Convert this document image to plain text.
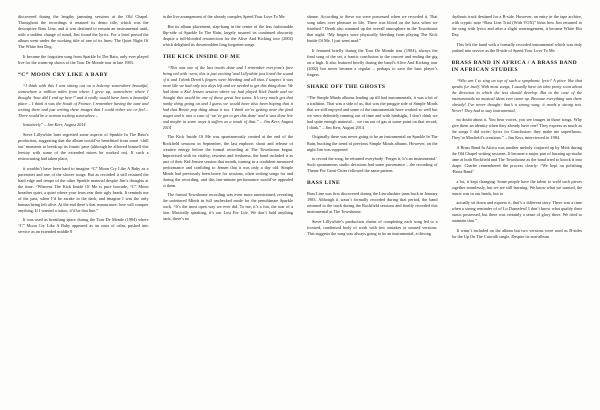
discovered during the lengthy jamming sessions at the Old Chapel. Throughout the recordings it retained its demo title, which was the descriptive Bass Line, and it was destined to remain an instrumental until, with a sudden change of mind, Jim found the lyrics. For a brief period the album went under the working title of one of its lines: The Quiet Night Of The White Sea Dog.

It became the forgotten song from Sparkle In The Rain, only ever played live for the warm-up shows of the Tour De Monde tour in late 1983.

“C” MOON CRY LIKE A BABY

“I think with this I was sitting out on a balcony somewhere beautiful, somewhere a million miles from where I grew up, somewhere where I thought ‘how did I end up here?’ and it really would have been a beautiful place – I think it was the South of France. I remember having the tune and writing there and just writing these images that I could either see or feel… There would be a woman rocking somewhere –

lentatively” – Jim Kerr, August 2014

Steve Lillywhite later regretted some aspects of Sparkle In The Rain’s production, suggesting that the album would’ve benefitted from some ‘chill out’ moments to break up its frantic pace (although he allowed himself this leeway with some of the extended mixes he worked on). If such a restructuring had taken place,

it wouldn’t have been hard to imagine “C” Moon Cry Like A Baby as a pacesetter and one of the slower songs. But as recorded it still retained the hard edge and tempo of the other Sparkle material despite Jim’s thoughts at the time. “Whereas The Kick Inside Of Me is pure brocade, “C” Moon breathes quiet, a quiet where your fears rear their ugly heads. It reminds me of the past, when I’d be awake in the dark, and imagine I was the only human being left alive. At the end there’s that reassurance: love will conquer anything. If I wanted a tattoo, it’d be that line.”

It was used as breathing space during the Tour De Monde (1984) where “C” Moon Cry Like A Baby appeared as an oasis of calm, pushed into service as an extended middle 8

in the live arrangement of the already complex Speed Your Love To Me.

But its album placement, slap-bang in the centre of the less fashionable flip-side of Sparkle In The Rain, largely assured its continued obscurity despite a full-blooded resurrection for the Alive And Kicking tour (2002) which delighted its downtrodden long forgotten songs.

THE KICK INSIDE OF ME

“This was one of the last tracks done and I remember everyone’s face being red with ‘wow, this is just exciting’ and Lillywhite just loved the sound of it and I think Derek’s fingers were bleeding and all that. I suspect it was more like we had only two days left and we needed to get this thing done. We had done a Kid Jensen session where we had played Kick Inside and we thought this would be one of those great live tunes. It’s very much got that punky thing going on and I guess we would have also been hoping that it had that Bowie pop thing about it too. I think we’re getting near the final stages and it was a case of ‘we’ve got to get this done’ and it was done live and maybe in some ways it suffers as a result of that.” – Jim Kerr, August 2014

The Kick Inside Of Me was spontaneously created at the end of the Rockfield sessions in September, the last euphoric shout and release of creative energy before the formal recording at The Townhouse began. Improvised with its vitality, rawness and freshness, the band included it as part of their Kid Jensen session that month, turning in a confident measured performance and confiding to Jensen that it was only a day old. Simple Minds had previously been brave for sessions, often writing songs for and during the recording, and this last-minute performance would’ve appealed to them.

The formal Townhouse recording was even more unrestrained, revealing the unfettered Minds in full unchecked mode for the penultimate Sparkle track. “It’s the most open way we ever did. To me, it’s a fun, the roar of a lion. Musically speaking, it’s our Lust For Life. We don’t hold anything back, there’s no

shame. According to Steve we were possessed when we recorded it. That song takes over pleasure in life. There was blood on the bass when we finished.” Derek also summed up the overall atmosphere in the Townhouse that night: “My fingers were physically bleeding from playing The Kick Inside Of Me. I just went mad.”

It featured briefly during the Tour De Monde tour (1984), always the final song of the set, a frantic conclusion to the concert and ending the gig on a high. It also featured briefly during the band’s Alive And Kicking tour (2002) but never became a regular – perhaps to save the bass player’s fingers.

SHAKE OFF THE GHOSTS

“The Simple Minds albums leading up till had instrumentals, it was a bit of a tradition. That was a side of us, that was the proggie side of Simple Minds that we still enjoyed and some of the instrumentals have worked so well but we were definitely running out of time and with hindsight, I don’t think we had quite enough material… we ran out of gas at some point on that record, I think.” – Jim Kerr, August 2014

Originally there was never going to be an instrumental on Sparkle In The Rain, bucking the trend of previous Simple Minds albums. However, on the night Jim was supposed

to record the song, he returned everybody ‘Forget it, it’s an instrumental.’ Such spontaneous studio decisions had some provenance – the recording of Theme For Great Cities followed the same pattern.

BASS LINE

Bass Line was first discovered during the Lincolnshire jams back in January 1983. Although it wasn’t formally recorded during that period, the band returned to the track during the Rockfield sessions and finally recorded this instrumental at The Townhouse.

Steve Lillywhite’s production chains of completing each song led to a focused, condensed body of work with few outtakes or unused versions. This suggests the song was always going to be an instrumental, a driving

rhythmic track destined for a B-side. However, an entry in the tape archive, with cryptic note “Bass Line Trial (With VOX)” hints how Jim returned to the song with lyrics and after a slight rearrangement, it became White Hot Day.

This left the band with a formally recorded instrumental which was duly pushed into service as the B-side of Speed Your Love To Me.

BRASS BAND IN AFRICA / A BRASS BAND IN AFRICAN STUDIES

“Who am I to sing on top of such a symphonic lyric? A piece like that speaks for itself. With most songs, I usually have an idea pretty soon about the direction in which the text should develop. But in the case of the instrumentals no musical ideas ever came up. Because everything was there already! I’ve never thought: that’s a strong song, it needs a strong text. Never! They had to stay instrumental,

no doubt about it. You hear voices, you see images in those songs. Why give them an identity when they already have one? They express as much as the songs I did write: lyrics for Conclusion: they make me superfluous. They’re Maxfield’s creations.” – Jim Kerr, interviewed in 1984.

A Brass Band In Africa was another melody conjured up by Mick during the Old Chapel writing sessions. It became a major part of burning up studio time at both Rockfield and The Townhouse as the band tried to knock it into shape. Charlie remembered the process clearly: “We kept on polishing ‘Brass Band’

a lot, it kept changing. Some people have the talent to weld such pieces together seamlessly, but we are still learning. We know what we wanted, the music was in our heads, but to

actually sit down and express it, that’s a different story. There was a time when a strong reminder of of Lu Dansefest! I don’t know what quality their music possessed, but there was certainly a sense of glory there. We tried to maintain that.”

It wasn’t included on the album but two versions were used as B-sides for the Up On The Catwalk single. Despite its non-album
